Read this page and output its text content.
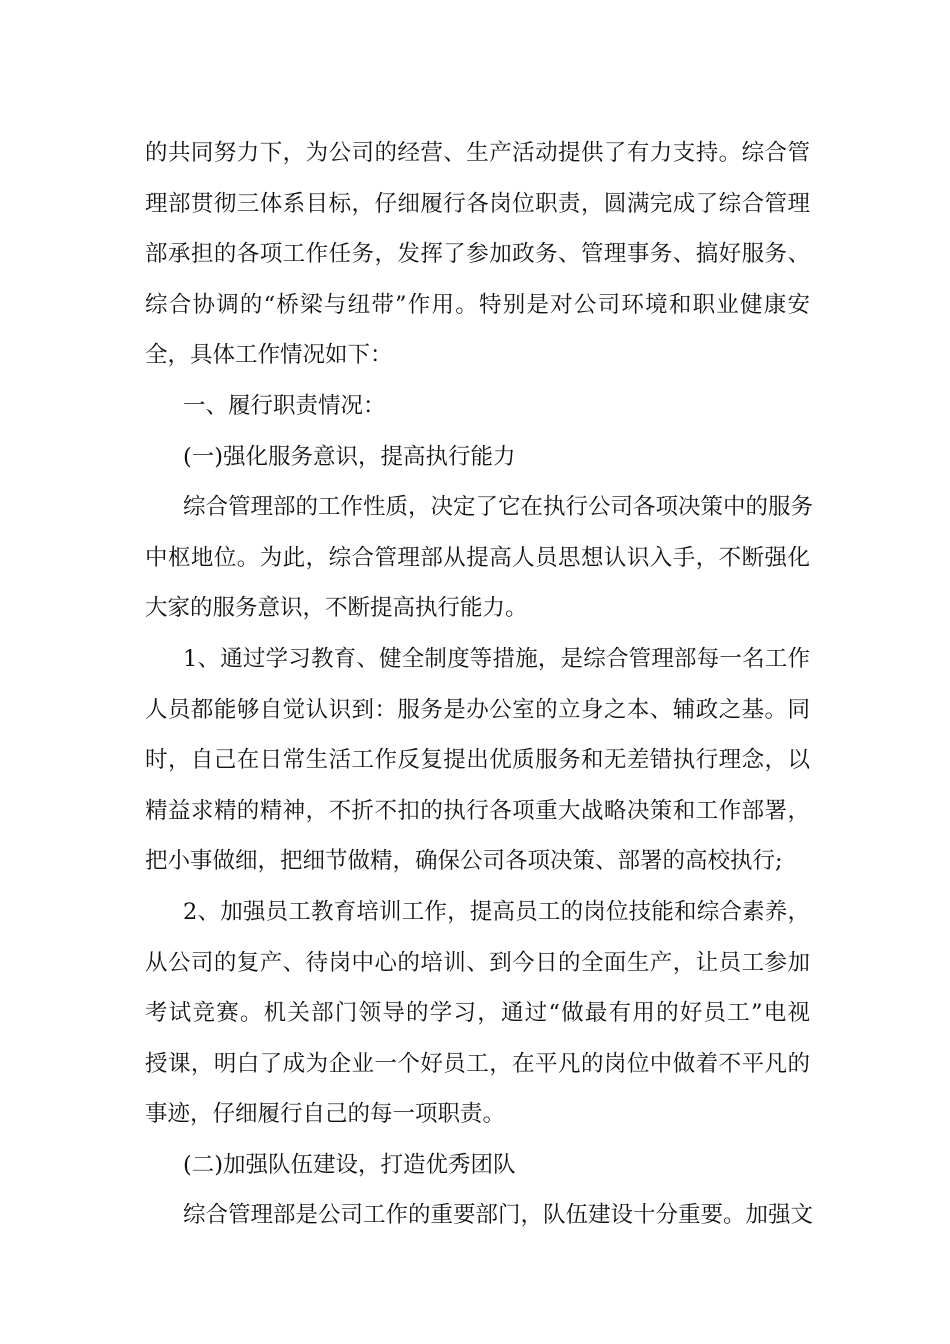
的共同努力下，为公司的经营、生产活动提供了有力支持。综合管
理部贯彻三体系目标，仔细履行各岗位职责，圆满完成了综合管理
部承担的各项工作任务，发挥了参加政务、管理事务、搞好服务、
综合协调的“桥梁与纽带”作用。特别是对公司环境和职业健康安
全，具体工作情况如下：
一、履行职责情况：
(一)强化服务意识，提高执行能力
综合管理部的工作性质，决定了它在执行公司各项决策中的服务
中枢地位。为此，综合管理部从提高人员思想认识入手，不断强化
大家的服务意识，不断提高执行能力。
1、通过学习教育、健全制度等措施，是综合管理部每一名工作
人员都能够自觉认识到：服务是办公室的立身之本、辅政之基。同
时，自己在日常生活工作反复提出优质服务和无差错执行理念，以
精益求精的精神，不折不扣的执行各项重大战略决策和工作部署，
把小事做细，把细节做精，确保公司各项决策、部署的高校执行;
2、加强员工教育培训工作，提高员工的岗位技能和综合素养，
从公司的复产、待岗中心的培训、到今日的全面生产，让员工参加
考试竞赛。机关部门领导的学习，通过“做最有用的好员工”电视
授课，明白了成为企业一个好员工，在平凡的岗位中做着不平凡的
事迹，仔细履行自己的每一项职责。
(二)加强队伍建设，打造优秀团队
综合管理部是公司工作的重要部门，队伍建设十分重要。加强文
